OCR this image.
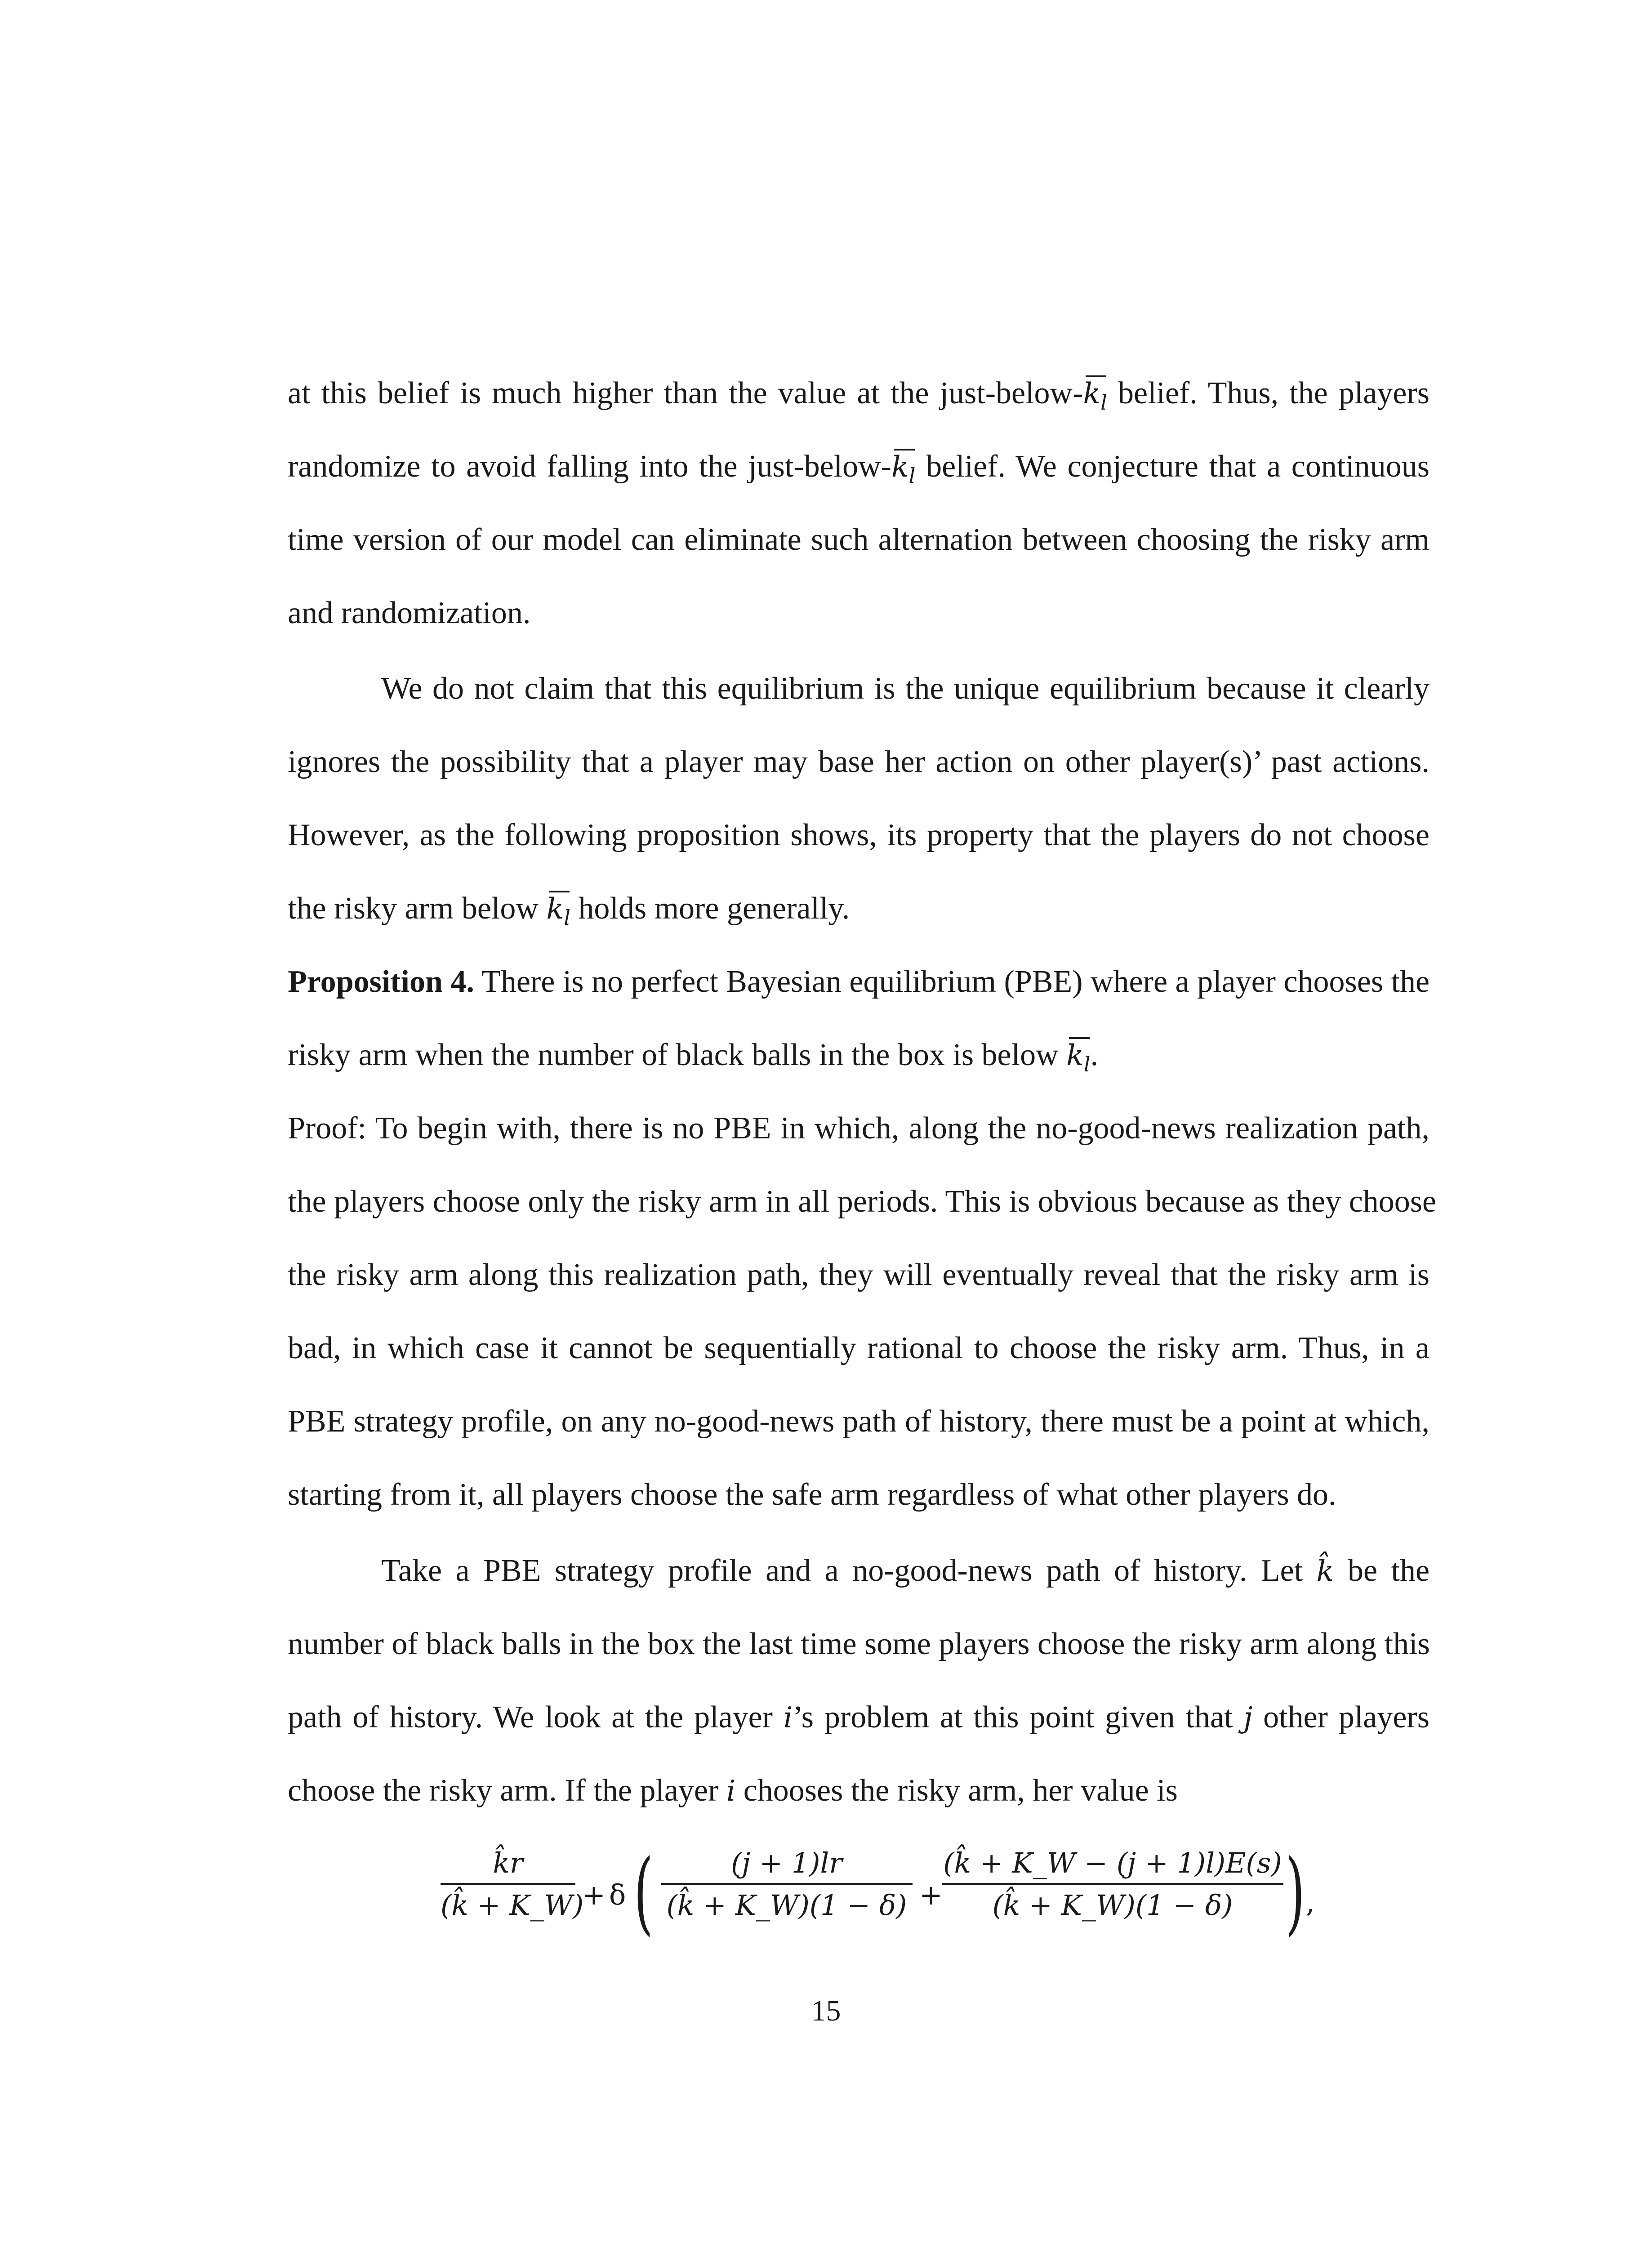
at this belief is much higher than the value at the just-$below-k_l$ belief. Thus, the players
randomize to avoid falling into the just-$below-k_l$ belief. We conjecture that a continuous
time version of our model can eliminate such alternation between choosing the risky arm
and randomization.
We do not claim that this equilibrium is the unique equilibrium because it clearly
ignores the possibility that a player may base her action on other player(s)’ past actions.
However, as the following proposition shows, its property that the players do not choose
the risky arm below $k_l$ holds more generally.
Proposition 4. There is no perfect Bayesian equilibrium (PBE) where a player chooses the
risky arm when the number of black balls in the box is below $k_l$.
Proof: To begin with, there is no PBE in which, along the no-good-news realization path,
the players choose only the risky arm in all periods. This is obvious because as they choose
the risky arm along this realization path, they will eventually reveal that the risky arm is
bad, in which case it cannot be sequentially rational to choose the risky arm. Thus, in a
PBE strategy profile, on any no-good-news path of history, there must be a point at which,
starting from it, all players choose the safe arm regardless of what other players do.
Take a PBE strategy profile and a no-good-news path of history. Let k̂ be the
number of black balls in the box the last time some players choose the risky arm along this
path of history. We look at the player i’s problem at this point given that j other players
choose the risky arm. If the player i chooses the risky arm, her value is
k̂r
(k̂ + K_W)
+ δ (	(j + 1)lr
(k̂ + K_W)(1 − δ) +
(k̂ + K_W − (j + 1)l)E(s)
(k̂ + K_W)(1 − δ) ) ,
15
